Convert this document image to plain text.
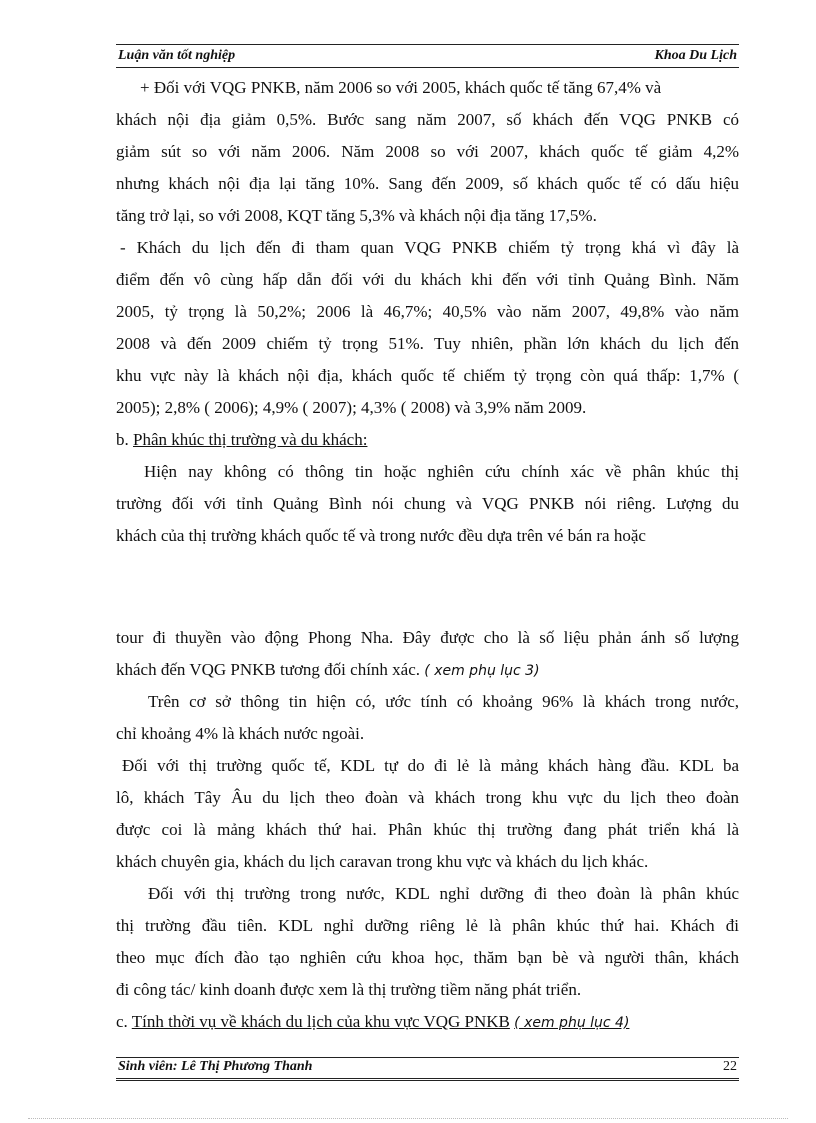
Luận văn tốt nghiệp	Khoa Du Lịch
+ Đối với VQG PNKB, năm 2006 so với 2005, khách quốc tế tăng 67,4% và
khách nội địa giảm 0,5%. Bước sang năm 2007, số khách đến VQG PNKB có
giảm sút so với năm 2006. Năm 2008 so với 2007, khách quốc tế giảm 4,2%
nhưng khách nội địa lại tăng 10%. Sang đến 2009, số khách quốc tế có dấu hiệu
tăng trở lại, so với 2008, KQT tăng 5,3% và khách nội địa tăng 17,5%.
- Khách du lịch đến đi tham quan VQG PNKB chiếm tỷ trọng khá vì đây là
điểm đến vô cùng hấp dẫn đối với du khách khi đến với tỉnh Quảng Bình. Năm
2005, tỷ trọng là 50,2%; 2006 là 46,7%; 40,5% vào năm 2007, 49,8% vào năm
2008 và đến 2009 chiếm tỷ trọng 51%. Tuy nhiên, phần lớn khách du lịch đến
khu vực này là khách nội địa, khách quốc tế chiếm tỷ trọng còn quá thấp: 1,7% (
2005); 2,8% ( 2006); 4,9% ( 2007); 4,3% ( 2008) và 3,9% năm 2009.
b. Phân khúc thị trường và du khách:
Hiện nay không có thông tin hoặc nghiên cứu chính xác về phân khúc thị
trường đối với tỉnh Quảng Bình nói chung và VQG PNKB nói riêng. Lượng du
khách của thị trường khách quốc tế và trong nước đều dựa trên vé bán ra hoặc
tour đi thuyền vào động Phong Nha. Đây được cho là số liệu phản ánh số lượng
khách đến VQG PNKB tương đối chính xác. ( xem phụ lục 3)
Trên cơ sở thông tin hiện có, ước tính có khoảng 96% là khách trong nước,
chỉ khoảng 4% là khách nước ngoài.
Đối với thị trường quốc tế, KDL tự do đi lẻ là mảng khách hàng đầu. KDL ba
lô, khách Tây Âu du lịch theo đoàn và khách trong khu vực du lịch theo đoàn
được coi là mảng khách thứ hai. Phân khúc thị trường đang phát triển khá là
khách chuyên gia, khách du lịch caravan trong khu vực và khách du lịch khác.
Đối với thị trường trong nước, KDL nghỉ dưỡng đi theo đoàn là phân khúc
thị trường đầu tiên. KDL nghỉ dưỡng riêng lẻ là phân khúc thứ hai. Khách đi
theo mục đích đào tạo nghiên cứu khoa học, thăm bạn bè và người thân, khách
đi công tác/ kinh doanh được xem là thị trường tiềm năng phát triển.
c. Tính thời vụ về khách du lịch của khu vực VQG PNKB ( xem phụ lục 4)
Sinh viên: Lê Thị Phương Thanh	22
